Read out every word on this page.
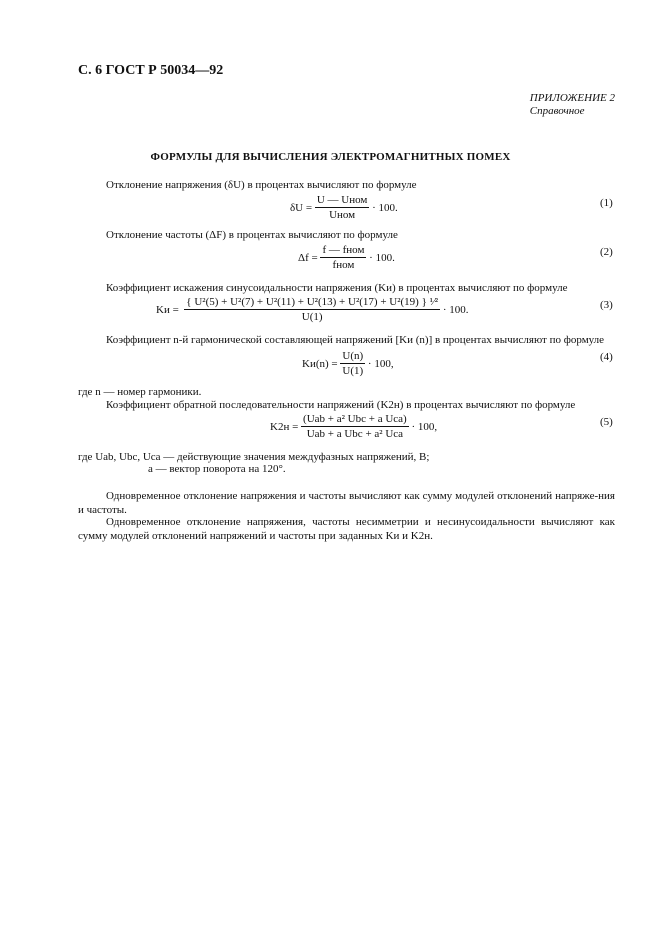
С. 6 ГОСТ Р 50034—92
ПРИЛОЖЕНИЕ 2
Справочное
ФОРМУЛЫ ДЛЯ ВЫЧИСЛЕНИЯ ЭЛЕКТРОМАГНИТНЫХ ПОМЕХ
Отклонение напряжения (δU) в процентах вычисляют по формуле
δU =
$\frac{\text{U — Uном}}{\text{Uном}}$
· 100.	(1)
Отклонение частоты (ΔF) в процентах вычисляют по формуле
Δf =
$\frac{\text{f — fном}}{\text{fном}}$
· 100.	(2)
Коэффициент искажения синусоидальности напряжения (Kи) в процентах вычисляют по формуле
Kи =
$\frac{\text{\{ U²(5) + U²(7) + U²(11) + U²(13) + U²(17) + U²(19) \} ¹⁄²}}{U(1)}$
· 100.	(3)
Коэффициент n-й гармонической составляющей напряжений [Kи (n)] в процентах вычисляют по формуле
Kи(n) =
$\frac{U(n)}{U(1)}$
· 100,
(4)
где n — номер гармоники.
Коэффициент обратной последовательности напряжений (K2н) в процентах вычисляют по формуле
K2н =
$\frac{\text{(Uab + a² Ubc + a Uca)}}{\text{Uab + a Ubc + a² Uca}}$
· 100,	(5)
где Uab, Ubc, Uca — действующие значения междуфазных напряжений, В;
a — вектор поворота на 120°.
Одновременное отклонение напряжения и частоты вычисляют как сумму модулей отклонений напряже-ния и частоты.
Одновременное отклонение напряжения, частоты несимметрии и несинусоидальности вычисляют как сумму модулей отклонений напряжений и частоты при заданных Kи и K2н.
